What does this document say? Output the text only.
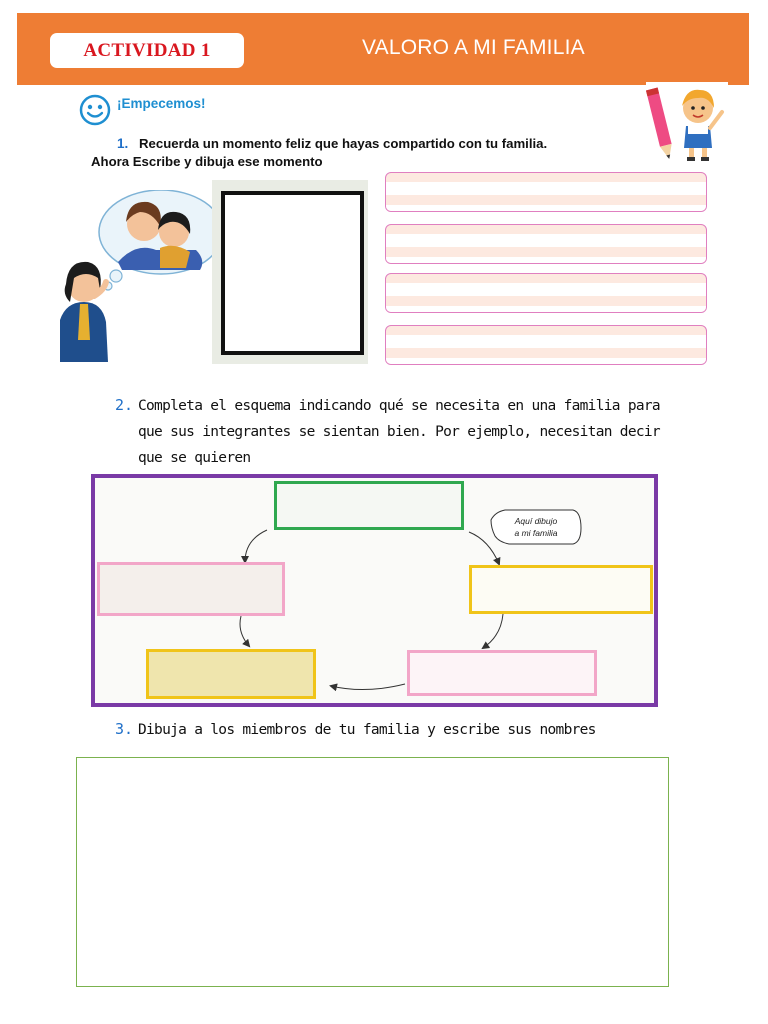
ACTIVIDAD 1	VALORO A MI FAMILIA
¡Empecemos!
1. Recuerda un momento feliz que hayas compartido con tu familia.
Ahora Escribe y dibuja ese momento
2. Completa el esquema indicando qué se necesita en una familia para
que sus integrantes se sientan bien. Por ejemplo, necesitan decir
que se quieren
Aquí dibujo
a mi familia
3. Dibuja a los miembros de tu familia y escribe sus nombres
